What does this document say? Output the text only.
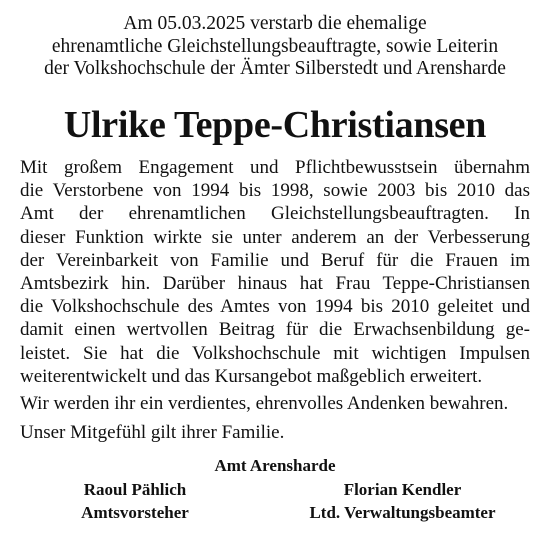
Am 05.03.2025 verstarb die ehemalige
ehrenamtliche Gleichstellungsbeauftragte, sowie Leiterin
der Volkshochschule der Ämter Silberstedt und Arensharde

Ulrike Teppe-Christiansen

Mit großem Engagement und Pflichtbewusstsein übernahm
die Verstorbene von 1994 bis 1998, sowie 2003 bis 2010 das
Amt der ehrenamtlichen Gleichstellungsbeauftragten. In
dieser Funktion wirkte sie unter anderem an der Verbesserung
der Vereinbarkeit von Familie und Beruf für die Frauen im
Amtsbezirk hin. Darüber hinaus hat Frau Teppe-Christiansen
die Volkshochschule des Amtes von 1994 bis 2010 geleitet und
damit einen wertvollen Beitrag für die Erwachsenbildung ge-
leistet. Sie hat die Volkshochschule mit wichtigen Impulsen
weiterentwickelt und das Kursangebot maßgeblich erweitert.

Wir werden ihr ein verdientes, ehrenvolles Andenken bewahren.

Unser Mitgefühl gilt ihrer Familie.

Amt Arensharde

Raoul Pählich

Amtsvorsteher

Florian Kendler

Ltd. Verwaltungsbeamter
